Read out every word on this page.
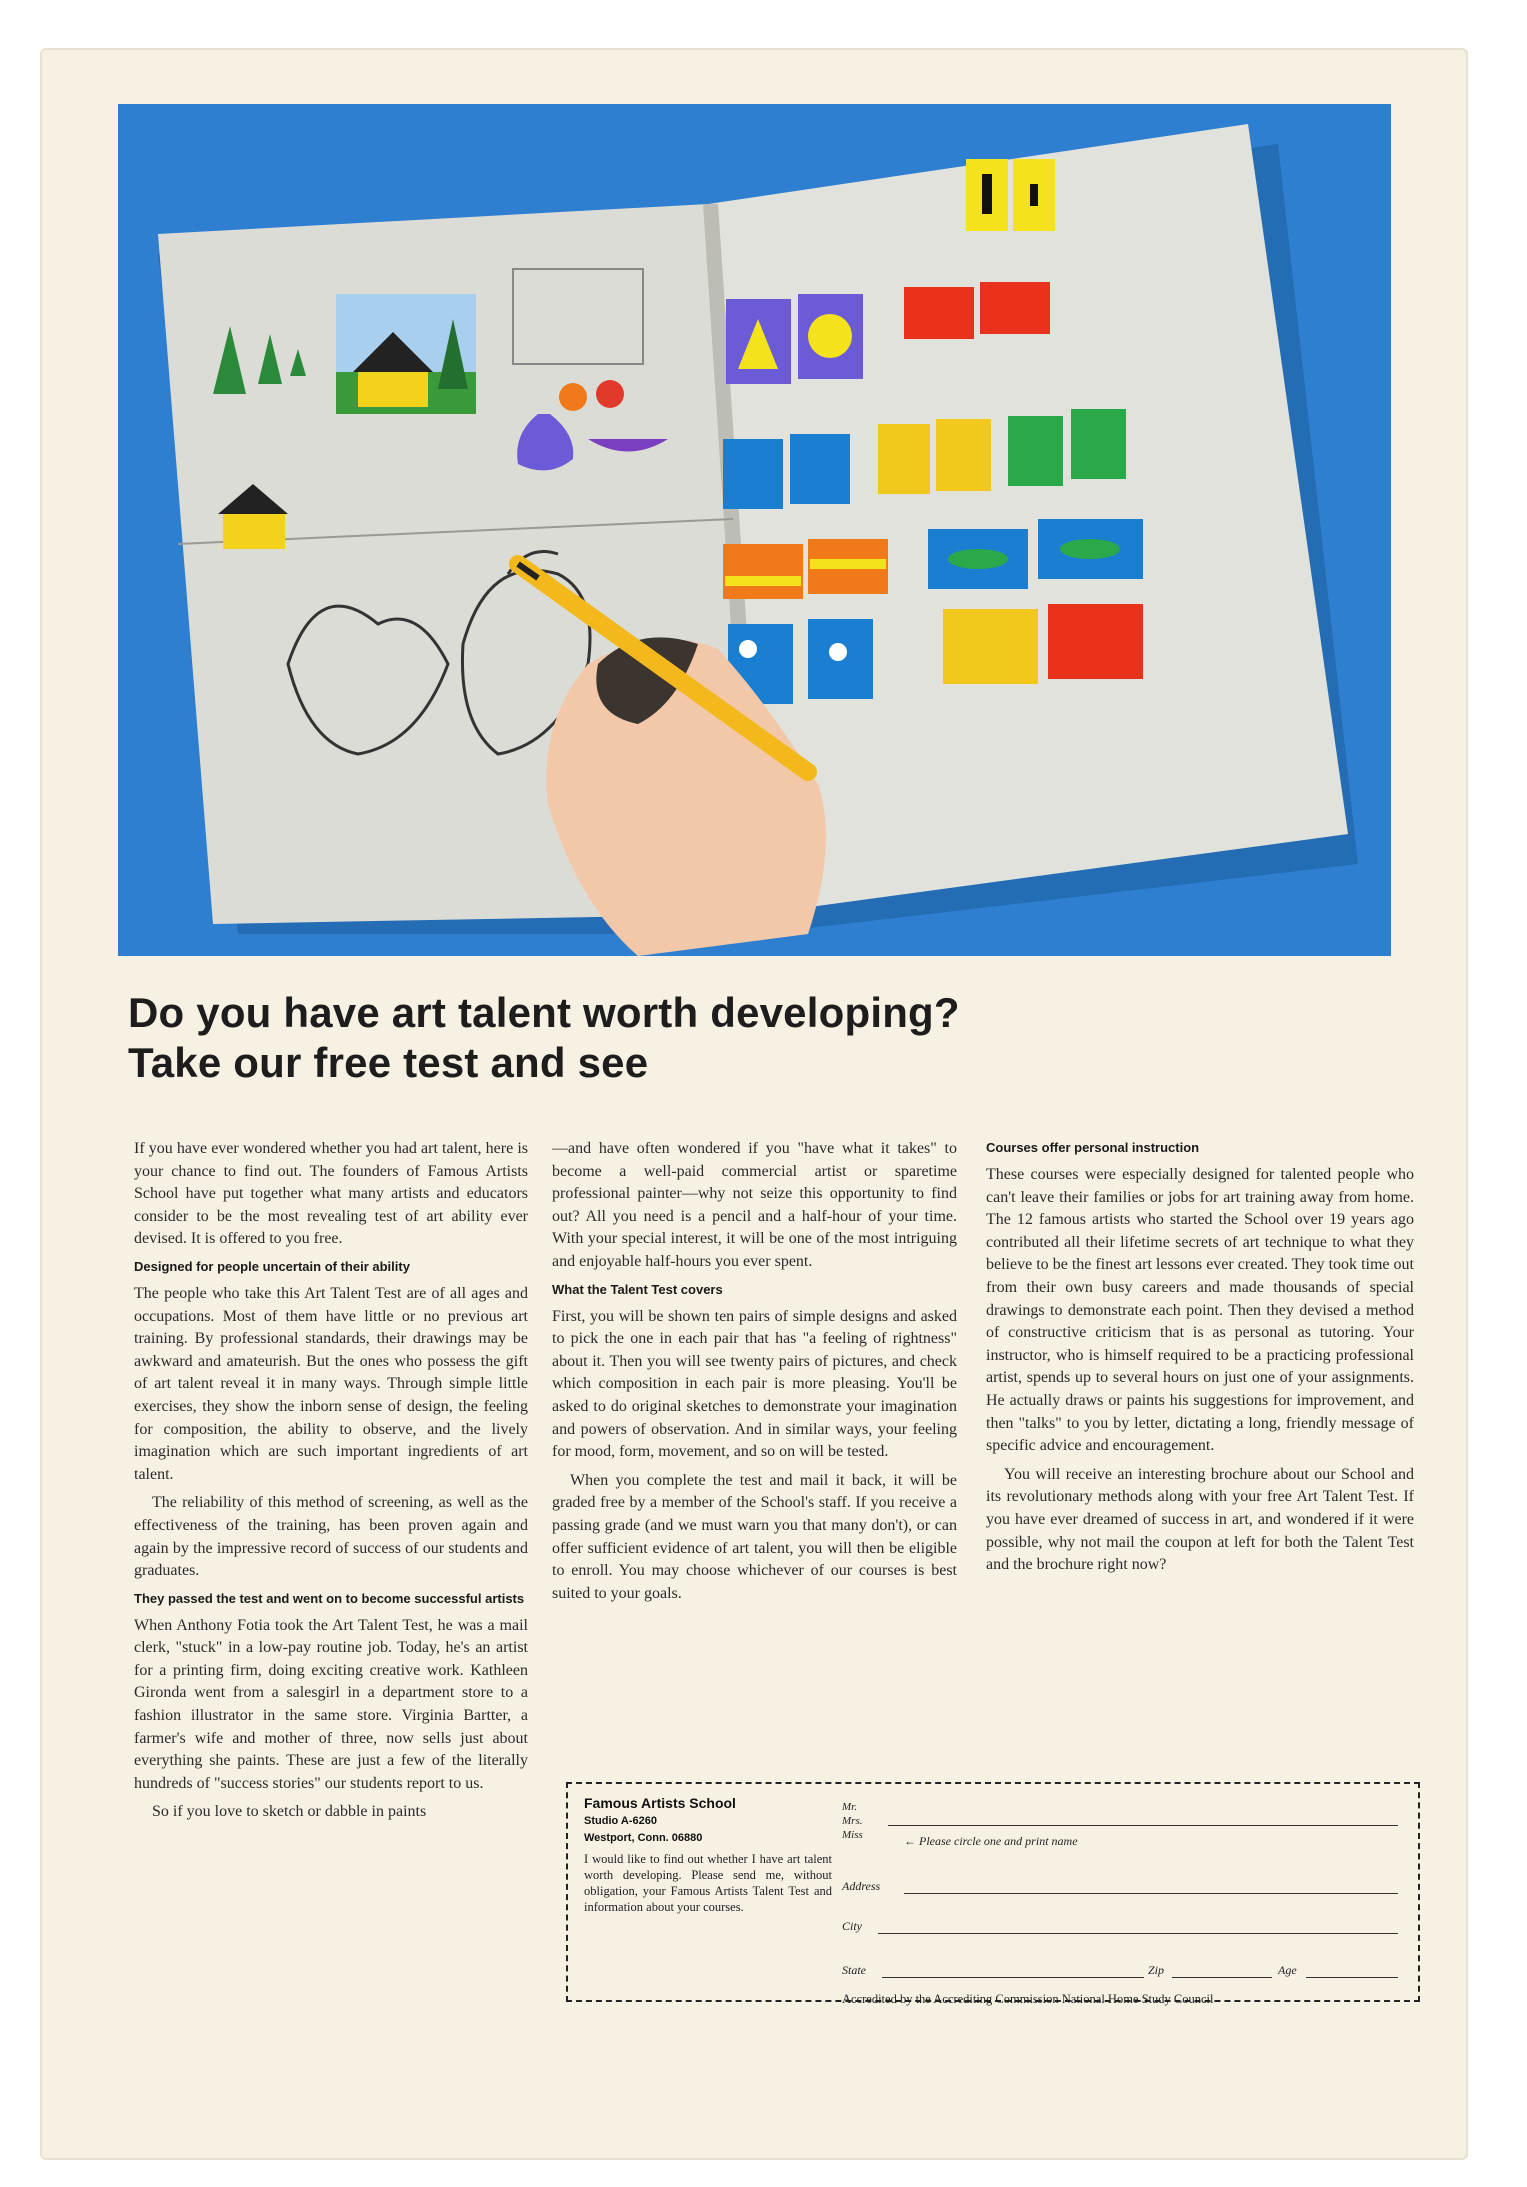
Do you have art talent worth developing?
Take our free test and see

If you have ever wondered whether you had art talent, here is your chance to find out. The founders of Famous Artists School have put together what many artists and educators consider to be the most revealing test of art ability ever devised. It is offered to you free.

Designed for people uncertain of their ability

The people who take this Art Talent Test are of all ages and occupations. Most of them have little or no previous art training. By professional standards, their drawings may be awkward and amateurish. But the ones who possess the gift of art talent reveal it in many ways. Through simple little exercises, they show the inborn sense of design, the feeling for composition, the ability to observe, and the lively imagination which are such important ingredients of art talent.

The reliability of this method of screening, as well as the effectiveness of the training, has been proven again and again by the impressive record of success of our students and graduates.

They passed the test and went on to become successful artists

When Anthony Fotia took the Art Talent Test, he was a mail clerk, "stuck" in a low-pay routine job. Today, he's an artist for a printing firm, doing exciting creative work. Kathleen Gironda went from a salesgirl in a department store to a fashion illustrator in the same store. Virginia Bartter, a farmer's wife and mother of three, now sells just about everything she paints. These are just a few of the literally hundreds of "success stories" our students report to us.

So if you love to sketch or dabble in paints

—and have often wondered if you "have what it takes" to become a well-paid commercial artist or sparetime professional painter—why not seize this opportunity to find out? All you need is a pencil and a half-hour of your time. With your special interest, it will be one of the most intriguing and enjoyable half-hours you ever spent.

What the Talent Test covers

First, you will be shown ten pairs of simple designs and asked to pick the one in each pair that has "a feeling of rightness" about it. Then you will see twenty pairs of pictures, and check which composition in each pair is more pleasing. You'll be asked to do original sketches to demonstrate your imagination and powers of observation. And in similar ways, your feeling for mood, form, movement, and so on will be tested.

When you complete the test and mail it back, it will be graded free by a member of the School's staff. If you receive a passing grade (and we must warn you that many don't), or can offer sufficient evidence of art talent, you will then be eligible to enroll. You may choose whichever of our courses is best suited to your goals.

Courses offer personal instruction

These courses were especially designed for talented people who can't leave their families or jobs for art training away from home. The 12 famous artists who started the School over 19 years ago contributed all their lifetime secrets of art technique to what they believe to be the finest art lessons ever created. They took time out from their own busy careers and made thousands of special drawings to demonstrate each point. Then they devised a method of constructive criticism that is as personal as tutoring. Your instructor, who is himself required to be a practicing professional artist, spends up to several hours on just one of your assignments. He actually draws or paints his suggestions for improvement, and then "talks" to you by letter, dictating a long, friendly message of specific advice and encouragement.

You will receive an interesting brochure about our School and its revolutionary methods along with your free Art Talent Test. If you have ever dreamed of success in art, and wondered if it were possible, why not mail the coupon at left for both the Talent Test and the brochure right now?

Famous Artists School
Studio A-6260
Westport, Conn. 06880
I would like to find out whether I have art talent worth developing. Please send me, without obligation, your Famous Artists Talent Test and information about your courses.
Mr.
Mrs.
Miss	← Please circle one and print name
Address
City
State	Zip	Age
Accredited by the Accrediting Commission National Home Study Council
